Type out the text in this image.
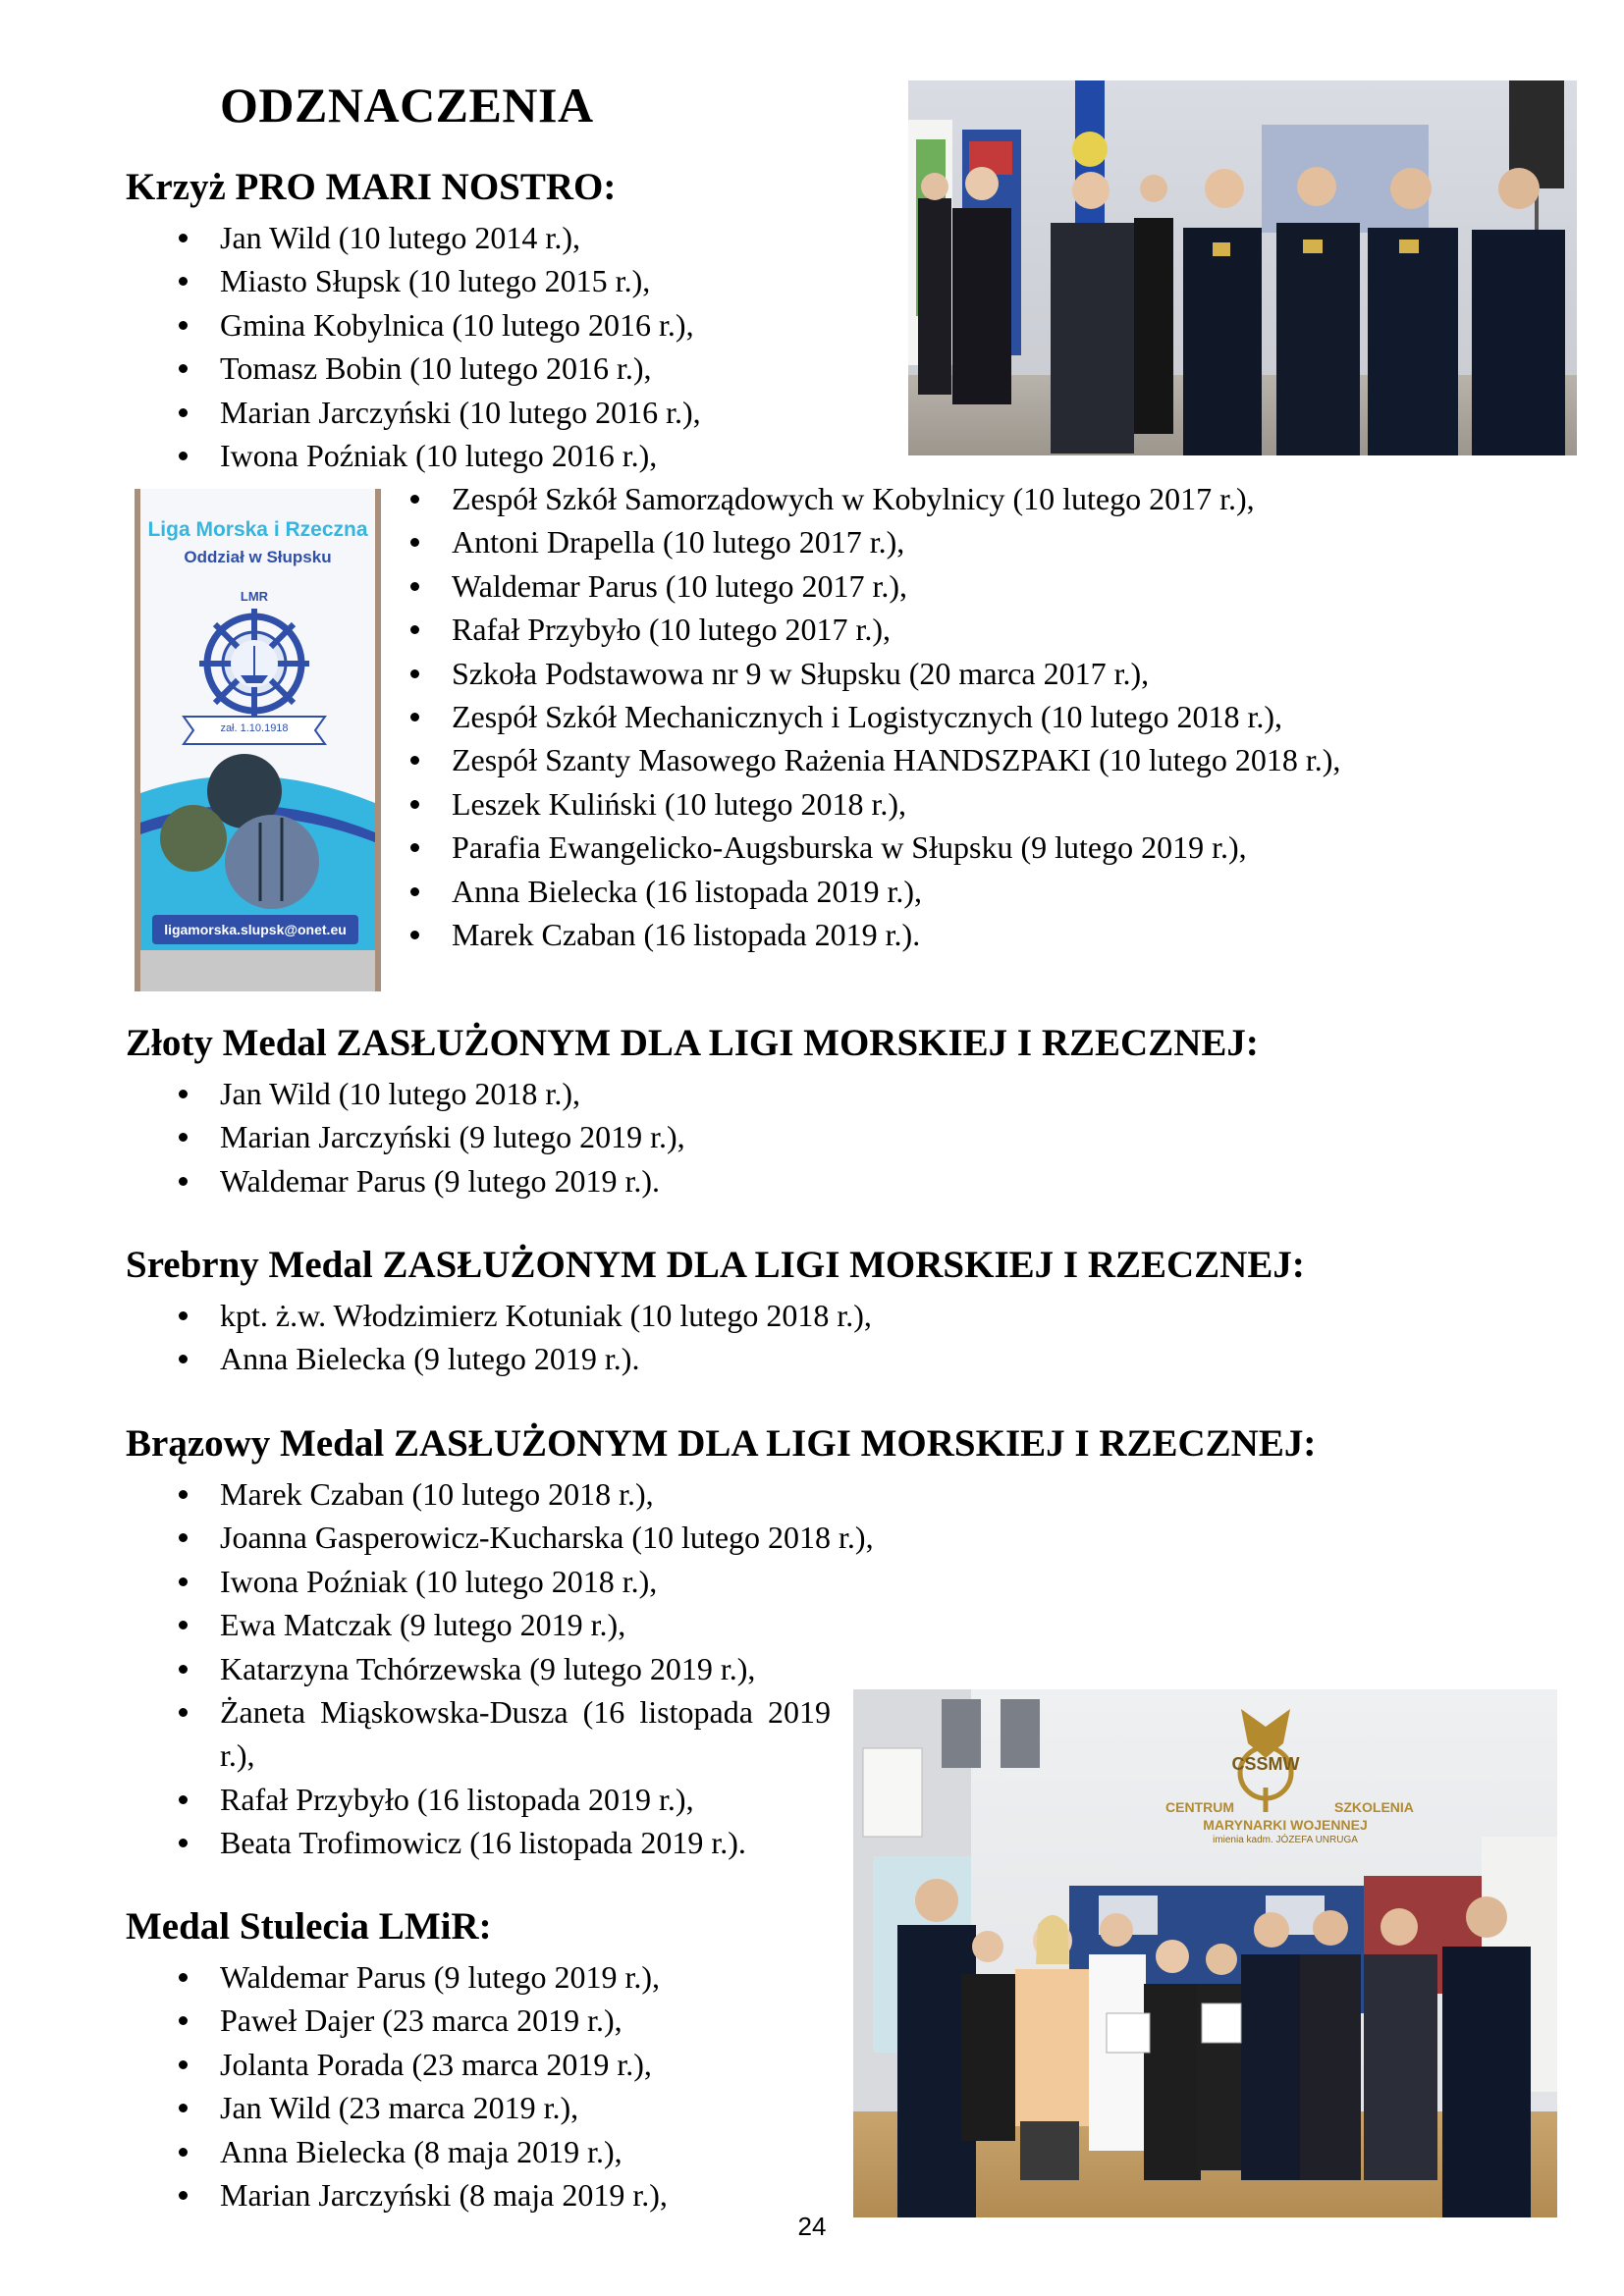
ODZNACZENIA
Krzyż PRO MARI NOSTRO:
Jan Wild (10 lutego 2014 r.),
Miasto Słupsk (10 lutego 2015 r.),
Gmina Kobylnica (10 lutego 2016 r.),
Tomasz Bobin (10 lutego 2016 r.),
Marian Jarczyński (10 lutego 2016 r.),
Iwona Poźniak (10 lutego 2016 r.),
Liga Morska i Rzeczna
Oddział w Słupsku
LMR
zał. 1.10.1918
ligamorska.slupsk@onet.eu
Zespół Szkół Samorządowych w Kobylnicy (10 lutego 2017 r.),
Antoni Drapella (10 lutego 2017 r.),
Waldemar Parus (10 lutego 2017 r.),
Rafał Przybyło (10 lutego 2017 r.),
Szkoła Podstawowa nr 9 w Słupsku (20 marca 2017 r.),
Zespół Szkół Mechanicznych i Logistycznych (10 lutego 2018 r.),
Zespół Szanty Masowego Rażenia HANDSZPAKI (10 lutego 2018 r.),
Leszek Kuliński (10 lutego 2018 r.),
Parafia Ewangelicko-Augsburska w Słupsku (9 lutego 2019 r.),
Anna Bielecka (16 listopada 2019 r.),
Marek Czaban (16 listopada 2019 r.).
Złoty Medal ZASŁUŻONYM DLA LIGI MORSKIEJ I RZECZNEJ:
Jan Wild (10 lutego 2018 r.),
Marian Jarczyński (9 lutego 2019 r.),
Waldemar Parus (9 lutego 2019 r.).
Srebrny Medal ZASŁUŻONYM DLA LIGI MORSKIEJ I RZECZNEJ:
kpt. ż.w. Włodzimierz Kotuniak (10 lutego 2018 r.),
Anna Bielecka (9 lutego 2019 r.).
Brązowy Medal ZASŁUŻONYM DLA LIGI MORSKIEJ I RZECZNEJ:
Marek Czaban (10 lutego 2018 r.),
Joanna Gasperowicz-Kucharska (10 lutego 2018 r.),
Iwona Poźniak (10 lutego 2018 r.),
Ewa Matczak (9 lutego 2019 r.),
Katarzyna Tchórzewska (9 lutego 2019 r.),
Żaneta Miąskowska-Dusza (16 listopada 2019 r.),
Rafał Przybyło (16 listopada 2019 r.),
Beata Trofimowicz (16 listopada 2019 r.).
CSSMW
CENTRUM	SZKOLENIA
MARYNARKI WOJENNEJ
imienia kadm. JÓZEFA UNRUGA
Medal Stulecia LMiR:
Waldemar Parus (9 lutego 2019 r.),
Paweł Dajer (23 marca 2019 r.),
Jolanta Porada (23 marca 2019 r.),
Jan Wild (23 marca 2019 r.),
Anna Bielecka (8 maja 2019 r.),
Marian Jarczyński (8 maja 2019 r.),
24
